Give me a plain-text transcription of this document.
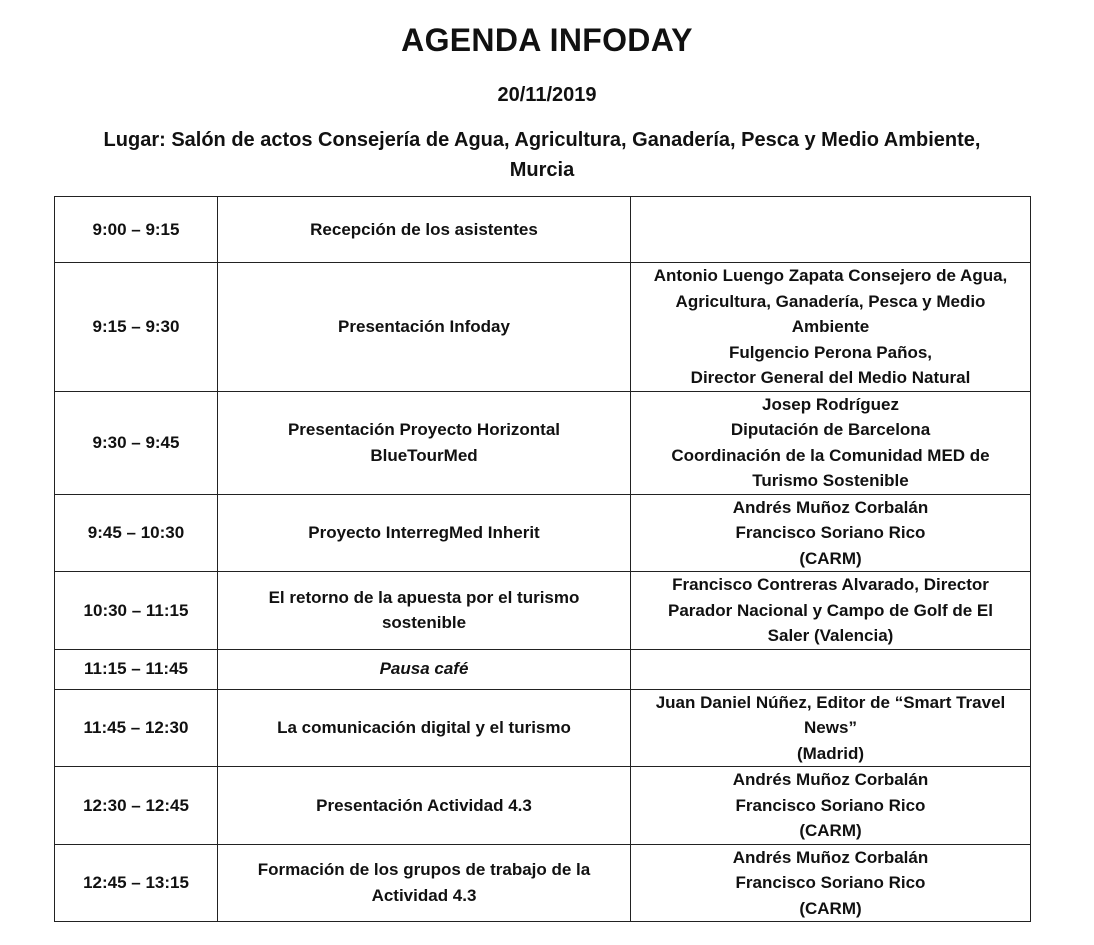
AGENDA INFODAY
20/11/2019
Lugar: Salón de actos Consejería de Agua, Agricultura, Ganadería, Pesca y Medio Ambiente,
Murcia
9:00 – 9:15	Recepción de los asistentes	

9:15 – 9:30	Presentación Infoday	Antonio Luengo Zapata Consejero de Agua,
Agricultura, Ganadería, Pesca y Medio
Ambiente
Fulgencio Perona Paños,
Director General del Medio Natural

9:30 – 9:45	Presentación Proyecto Horizontal
BlueTourMed	Josep Rodríguez
Diputación de Barcelona
Coordinación de la Comunidad MED de
Turismo Sostenible

9:45 – 10:30	Proyecto InterregMed Inherit	Andrés Muñoz Corbalán
Francisco Soriano Rico
(CARM)

10:30 – 11:15	El retorno de la apuesta por el turismo
sostenible	Francisco Contreras Alvarado, Director
Parador Nacional y Campo de Golf de El
Saler (Valencia)

11:15 – 11:45	Pausa café	

11:45 – 12:30	La comunicación digital y el turismo	Juan Daniel Núñez, Editor de “Smart Travel
News”
(Madrid)

12:30 – 12:45	Presentación Actividad 4.3	Andrés Muñoz Corbalán
Francisco Soriano Rico
(CARM)

12:45 – 13:15	Formación de los grupos de trabajo de la
Actividad 4.3	Andrés Muñoz Corbalán
Francisco Soriano Rico
(CARM)
